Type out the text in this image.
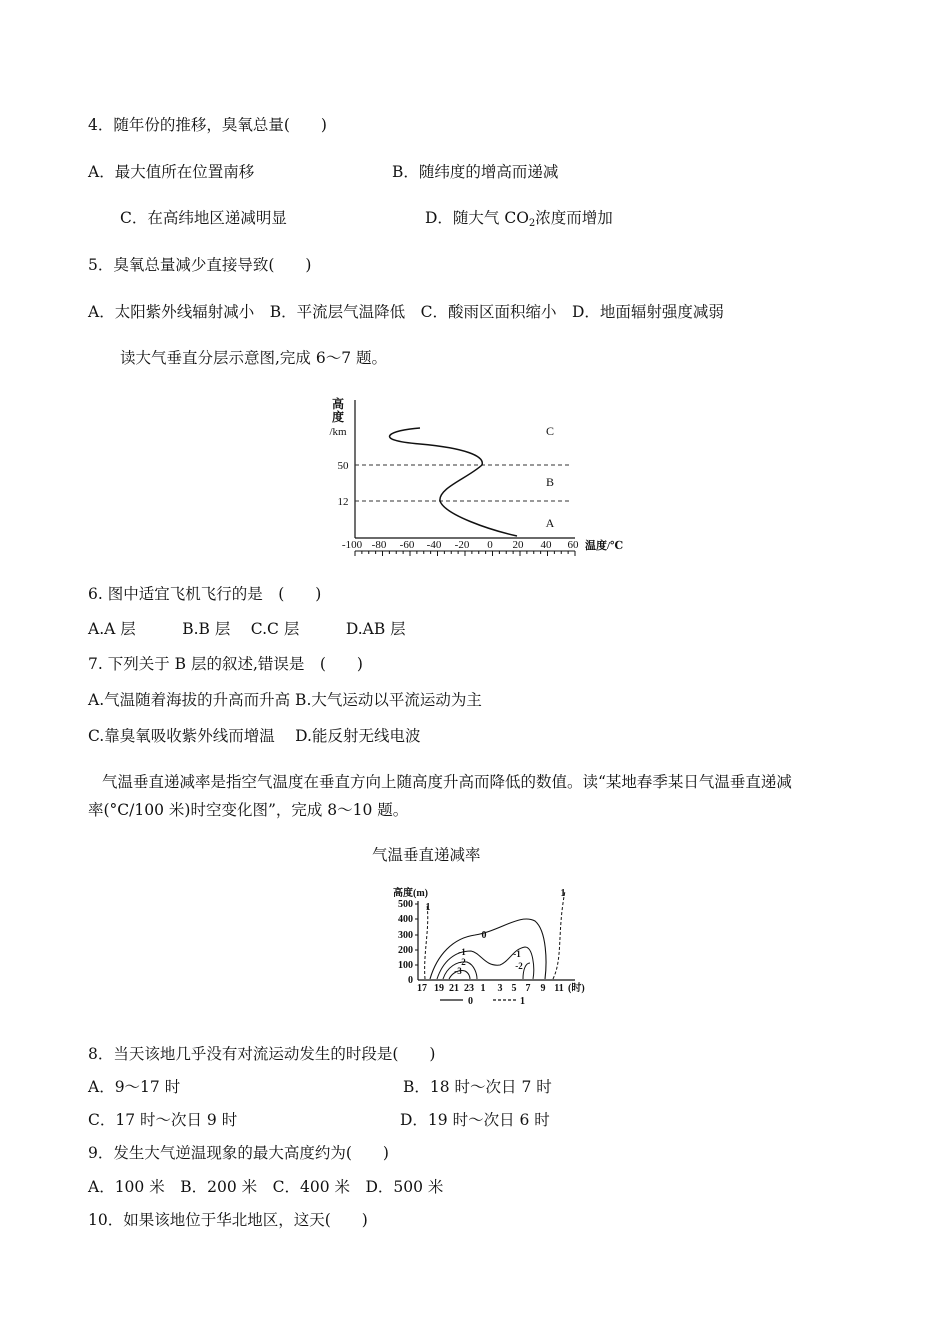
4．随年份的推移，臭氧总量(　　)
A．最大值所在位置南移	B．随纬度的增高而递减
C．在高纬地区递减明显	D．随大气 $CO_2$浓度而增加
5．臭氧总量减少直接导致(　　)
A．太阳紫外线辐射减小　B．平流层气温降低　C．酸雨区面积缩小　D．地面辐射强度减弱
读大气垂直分层示意图,完成 6～7 题。
高
度
/km
50
12
C
B
A
-100 -80 -60 -40 -20 0 20 40 60 温度/℃
6. 图中适宜飞机飞行的是　(　　)
A.A 层　　　B.B 层　 C.C 层　　　D.AB 层
7. 下列关于 B 层的叙述,错误是　(　　)
A.气温随着海拔的升高而升高 B.大气运动以平流运动为主
C.靠臭氧吸收紫外线而增温　 D.能反射无线电波
气温垂直递减率是指空气温度在垂直方向上随高度升高而降低的数值。读“某地春季某日气温垂直递减
率(°C/100 米)时空变化图”，完成 8～10 题。
气温垂直递减率
高度(m)
500
400
300
200
100
0
0
-1
-2
-3
-1
-2
1
1
17 19 21 23 1 3 5 7 9 11 (时)
0	1
8．当天该地几乎没有对流运动发生的时段是(　　)
A．9～17 时	B．18 时～次日 7 时
C．17 时～次日 9 时	D．19 时～次日 6 时
9．发生大气逆温现象的最大高度约为(　　)
A．100 米　B．200 米　C．400 米　D．500 米
10．如果该地位于华北地区，这天(　　)
